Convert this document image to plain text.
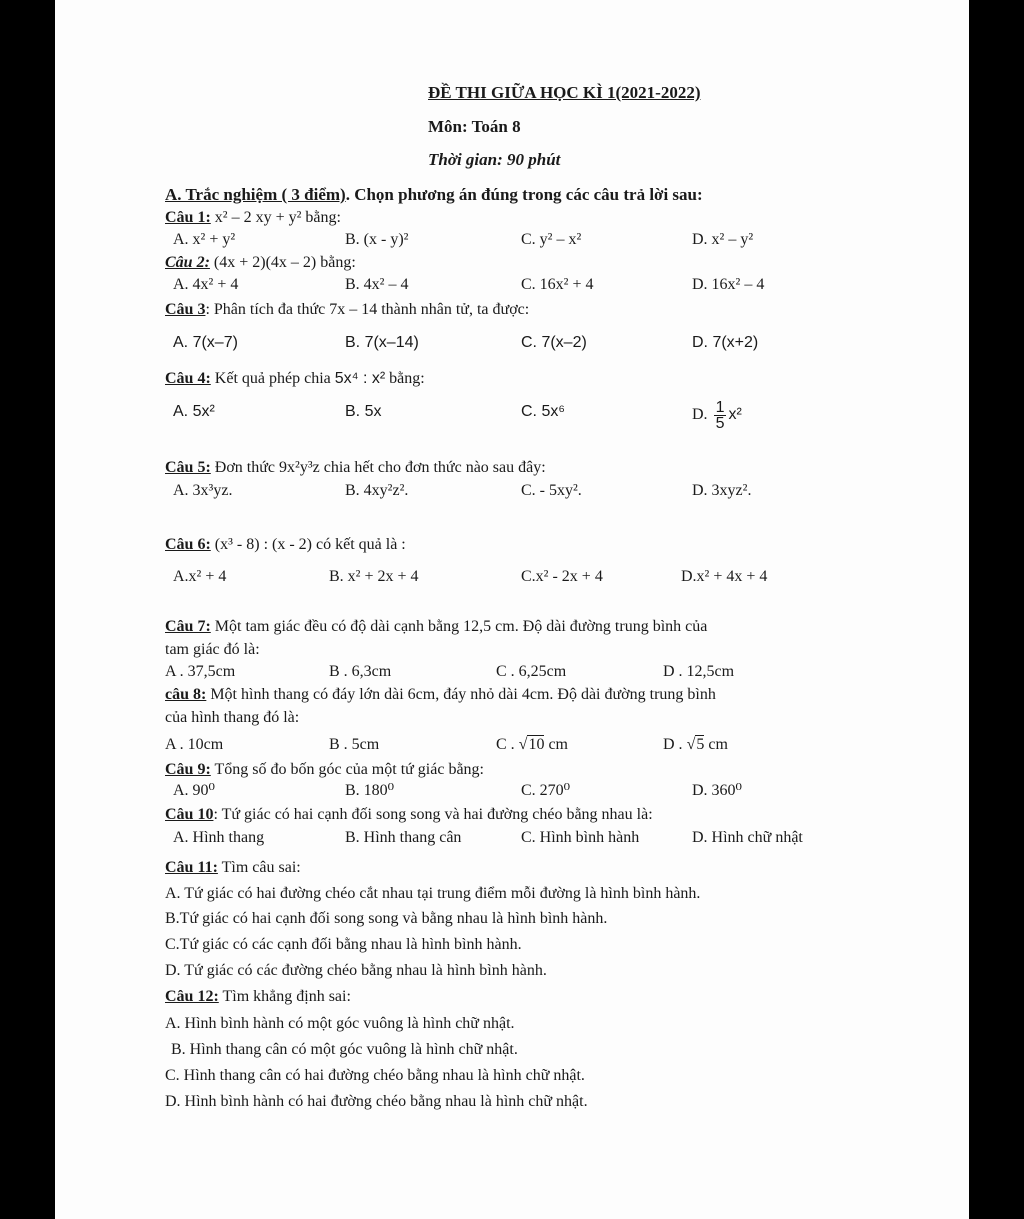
ĐỀ THI GIỮA HỌC KÌ 1(2021-2022)
Môn: Toán 8
Thời gian: 90 phút
A. Trắc nghiệm ( 3 điểm). Chọn phương án đúng trong các câu trả lời sau:
Câu 1: x² – 2 xy + y² bằng:
A. x² + y²	B. (x - y)²	C. y² – x²	D. x² – y²
Câu 2: (4x + 2)(4x – 2) bằng:
A. 4x² + 4	B. 4x² – 4	C. 16x² + 4	D. 16x² – 4
Câu 3: Phân tích đa thức 7x – 14 thành nhân tử, ta được:
A. 7(x–7)	B. 7(x–14)	C. 7(x–2)	D. 7(x+2)
Câu 4: Kết quả phép chia 5x⁴ : x² bằng:
A. 5x²	B. 5x	C. 5x⁶	D. $\frac{1}{5} x^2$
Câu 5: Đơn thức 9x²y³z chia hết cho đơn thức nào sau đây:
A. 3x³yz.	B. 4xy²z².	C. - 5xy².	D. 3xyz².
Câu 6: (x³ - 8) : (x - 2) có kết quả là :
A.x² + 4	B. x² + 2x + 4	C.x² - 2x + 4	D.x² + 4x + 4
Câu 7: Một tam giác đều có độ dài cạnh bằng 12,5 cm. Độ dài đường trung bình của
tam giác đó là:
A . 37,5cm	B . 6,3cm	C . 6,25cm	D . 12,5cm
câu 8: Một hình thang có đáy lớn dài 6cm, đáy nhỏ dài 4cm. Độ dài đường trung bình
của hình thang đó là:
A . 10cm	B . 5cm	C . √10 cm	D . √5 cm
Câu 9: Tổng số đo bốn góc của một tứ giác bằng:
A. 90⁰	B. 180⁰	C. 270⁰	D. 360⁰
Câu 10: Tứ giác có hai cạnh đối song song và hai đường chéo bằng nhau là:
A. Hình thang	B. Hình thang cân	C. Hình bình hành	D. Hình chữ nhật
Câu 11: Tìm câu sai:
A. Tứ giác có hai đường chéo cắt nhau tại trung điểm mỗi đường là hình bình hành.
B.Tứ giác có hai cạnh đối song song và bằng nhau là hình bình hành.
C.Tứ giác có các cạnh đối bằng nhau là hình bình hành.
D. Tứ giác có các đường chéo bằng nhau là hình bình hành.
Câu 12: Tìm khẳng định sai:
A. Hình bình hành có một góc vuông là hình chữ nhật.
B. Hình thang cân có một góc vuông là hình chữ nhật.
C. Hình thang cân có hai đường chéo bằng nhau là hình chữ nhật.
D. Hình bình hành có hai đường chéo bằng nhau là hình chữ nhật.
